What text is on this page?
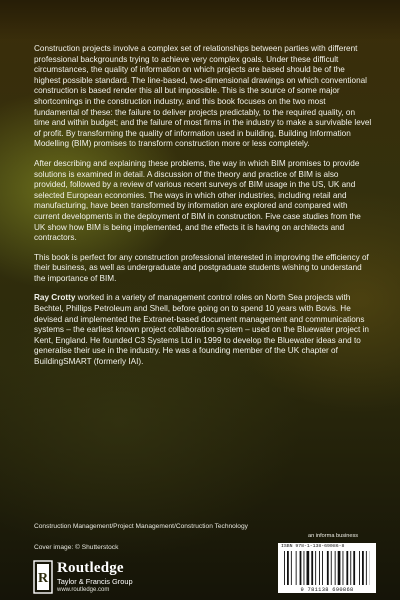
Construction projects involve a complex set of relationships between parties with different professional backgrounds trying to achieve very complex goals. Under these difficult circumstances, the quality of information on which projects are based should be of the highest possible standard. The line-based, two-dimensional drawings on which conventional construction is based render this all but impossible. This is the source of some major shortcomings in the construction industry, and this book focuses on the two most fundamental of these: the failure to deliver projects predictably, to the required quality, on time and within budget; and the failure of most firms in the industry to make a survivable level of profit. By transforming the quality of information used in building, Building Information Modelling (BIM) promises to transform construction more or less completely.

After describing and explaining these problems, the way in which BIM promises to provide solutions is examined in detail. A discussion of the theory and practice of BIM is also provided, followed by a review of various recent surveys of BIM usage in the US, UK and selected European economies. The ways in which other industries, including retail and manufacturing, have been transformed by information are explored and compared with current developments in the deployment of BIM in construction. Five case studies from the UK show how BIM is being implemented, and the effects it is having on architects and contractors.

This book is perfect for any construction professional interested in improving the efficiency of their business, as well as undergraduate and postgraduate students wishing to understand the importance of BIM.

Ray Crotty worked in a variety of management control roles on North Sea projects with Bechtel, Phillips Petroleum and Shell, before going on to spend 10 years with Bovis. He devised and implemented the Extranet-based document management and communications systems – the earliest known project collaboration system – used on the Bluewater project in Kent, England. He founded C3 Systems Ltd in 1999 to develop the Bluewater ideas and to generalise their use in the industry. He was a founding member of the UK chapter of BuildingSMART (formerly IAI).

Construction Management/Project Management/Construction Technology
Cover image: © Shutterstock
R
Routledge
Taylor & Francis Group
www.routledge.com
an informa business
ISBN 978-1-138-69086-8
9 781138 690868
